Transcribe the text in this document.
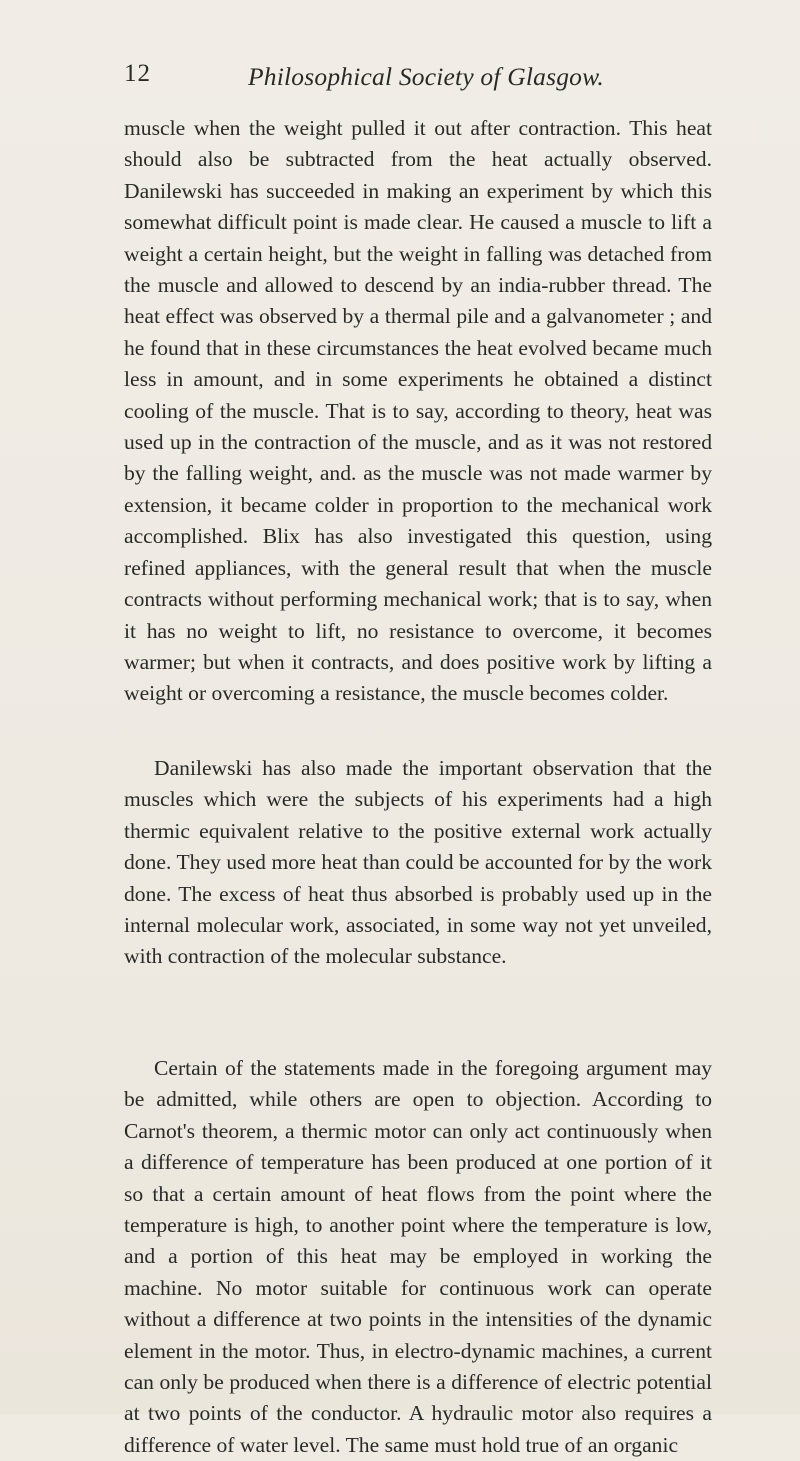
12	Philosophical Society of Glasgow.

muscle when the weight pulled it out after contraction. This heat should also be subtracted from the heat actually observed. Danilewski has succeeded in making an experiment by which this somewhat difficult point is made clear. He caused a muscle to lift a weight a certain height, but the weight in falling was detached from the muscle and allowed to descend by an india-rubber thread. The heat effect was observed by a thermal pile and a galvanometer ; and he found that in these circumstances the heat evolved became much less in amount, and in some experiments he obtained a distinct cooling of the muscle. That is to say, according to theory, heat was used up in the contraction of the muscle, and as it was not restored by the falling weight, and. as the muscle was not made warmer by extension, it became colder in proportion to the mechanical work accomplished. Blix has also investigated this question, using refined appliances, with the general result that when the muscle contracts without performing mechanical work; that is to say, when it has no weight to lift, no resistance to overcome, it becomes warmer; but when it contracts, and does positive work by lifting a weight or overcoming a resistance, the muscle becomes colder.

Danilewski has also made the important observation that the muscles which were the subjects of his experiments had a high thermic equivalent relative to the positive external work actually done. They used more heat than could be accounted for by the work done. The excess of heat thus absorbed is probably used up in the internal molecular work, associated, in some way not yet unveiled, with contraction of the molecular substance.

Certain of the statements made in the foregoing argument may be admitted, while others are open to objection. According to Carnot's theorem, a thermic motor can only act continuously when a difference of temperature has been produced at one portion of it so that a certain amount of heat flows from the point where the temperature is high, to another point where the temperature is low, and a portion of this heat may be employed in working the machine. No motor suitable for continuous work can operate without a difference at two points in the intensities of the dynamic element in the motor. Thus, in electro-dynamic machines, a current can only be produced when there is a difference of electric potential at two points of the conductor. A hydraulic motor also requires a difference of water level. The same must hold true of an organic
